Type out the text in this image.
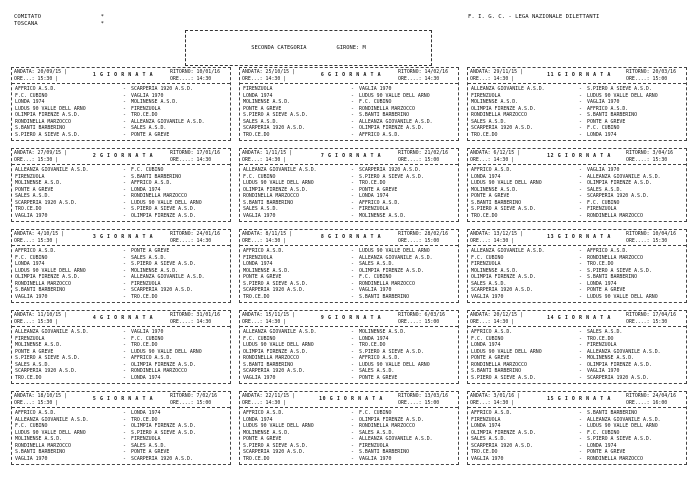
COMITATO	*
TOSCANA	*
F. I. G. C. - LEGA NAZIONALE DILETTANTI
SECONDA CATEGORIA	GIRONE: M
ANDATA: 20/09/15 |
ORE...: 15:30 |
1 G I O R N A T A
RITORNO: 10/01/16
ORE....: 14:30
AFFRICO A.S.D.	-	SCARPERIA 1920 A.S.D.
F.C. CUBINO	-	VAGLIA 1970
LONDA 1974	-	MOLINENSE A.S.D.
LUDUS 90 VALLE DELL ARNO	-	FIRENZUOLA
OLIMPIA FIRENZE A.S.D.	-	TRO.CE.DO
RONDINELLA MARZOCCO	-	ALLEANZA GIOVANILE A.S.D.
S.BANTI BARBERINO	-	SALES A.S.D.
S.PIERO A SIEVE A.S.D.	-	PONTE A GREVE
ANDATA: 25/10/15 |
ORE...: 14:30 |
6 G I O R N A T A
RITORNO: 14/02/16
ORE....: 14:30
FIRENZUOLA	-	VAGLIA 1970
LONDA 1974	-	LUDUS 90 VALLE DELL ARNO
MOLINENSE A.S.D.	-	F.C. CUBINO
PONTE A GREVE	-	RONDINELLA MARZOCCO
S.PIERO A SIEVE A.S.D.	-	S.BANTI BARBERINO
SALES A.S.D.	-	ALLEANZA GIOVANILE A.S.D.
SCARPERIA 1920 A.S.D.	-	OLIMPIA FIRENZE A.S.D.
TRO.CE.DO	-	AFFRICO A.S.D.
ANDATA: 29/11/15 |
ORE...: 14:30 |
11 G I O R N A T A
RITORNO: 20/03/16
ORE....: 15:00
ALLEANZA GIOVANILE A.S.D.	-	S.PIERO A SIEVE A.S.D.
FIRENZUOLA	-	LUDUS 90 VALLE DELL ARNO
MOLINENSE A.S.D.	-	VAGLIA 1970
OLIMPIA FIRENZE A.S.D.	-	AFFRICO A.S.D.
RONDINELLA MARZOCCO	-	S.BANTI BARBERINO
SALES A.S.D.	-	PONTE A GREVE
SCARPERIA 1920 A.S.D.	-	F.C. CUBINO
TRO.CE.DO	-	LONDA 1974
ANDATA: 27/09/15 |
ORE...: 15:30 |
2 G I O R N A T A
RITORNO: 17/01/16
ORE....: 14:30
ALLEANZA GIOVANILE A.S.D.	-	F.C. CUBINO
FIRENZUOLA	-	S.BANTI BARBERINO
MOLINENSE A.S.D.	-	AFFRICO A.S.D.
PONTE A GREVE	-	LONDA 1974
SALES A.S.D.	-	RONDINELLA MARZOCCO
SCARPERIA 1920 A.S.D.	-	LUDUS 90 VALLE DELL ARNO
TRO.CE.DO	-	S.PIERO A SIEVE A.S.D.
VAGLIA 1970	-	OLIMPIA FIRENZE A.S.D.
ANDATA: 1/11/15 |
ORE...: 14:30 |
7 G I O R N A T A
RITORNO: 21/02/16
ORE....: 15:00
ALLEANZA GIOVANILE A.S.D.	-	SCARPERIA 1920 A.S.D.
F.C. CUBINO	-	S.PIERO A SIEVE A.S.D.
LUDUS 90 VALLE DELL ARNO	-	TRO.CE.DO
OLIMPIA FIRENZE A.S.D.	-	PONTE A GREVE
RONDINELLA MARZOCCO	-	LONDA 1974
S.BANTI BARBERINO	-	AFFRICO A.S.D.
SALES A.S.D.	-	FIRENZUOLA
VAGLIA 1970	-	MOLINENSE A.S.D.
ANDATA: 6/12/15 |
ORE...: 14:30 |
12 G I O R N A T A
RITORNO: 3/04/16
ORE....: 15:30
AFFRICO A.S.D.	-	VAGLIA 1970
LONDA 1974	-	ALLEANZA GIOVANILE A.S.D.
LUDUS 90 VALLE DELL ARNO	-	OLIMPIA FIRENZE A.S.D.
MOLINENSE A.S.D.	-	SALES A.S.D.
PONTE A GREVE	-	SCARPERIA 1920 A.S.D.
S.BANTI BARBERINO	-	F.C. CUBINO
S.PIERO A SIEVE A.S.D.	-	FIRENZUOLA
TRO.CE.DO	-	RONDINELLA MARZOCCO
ANDATA: 4/10/15 |
ORE...: 15:30 |
3 G I O R N A T A
RITORNO: 24/01/16
ORE....: 14:30
AFFRICO A.S.D.	-	PONTE A GREVE
F.C. CUBINO	-	SALES A.S.D.
LONDA 1974	-	S.PIERO A SIEVE A.S.D.
LUDUS 90 VALLE DELL ARNO	-	MOLINENSE A.S.D.
OLIMPIA FIRENZE A.S.D.	-	ALLEANZA GIOVANILE A.S.D.
RONDINELLA MARZOCCO	-	FIRENZUOLA
S.BANTI BARBERINO	-	SCARPERIA 1920 A.S.D.
VAGLIA 1970	-	TRO.CE.DO
ANDATA: 8/11/15 |
ORE...: 14:30 |
8 G I O R N A T A
RITORNO: 28/02/16
ORE....: 15:00
AFFRICO A.S.D.	-	LUDUS 90 VALLE DELL ARNO
FIRENZUOLA	-	ALLEANZA GIOVANILE A.S.D.
LONDA 1974	-	SALES A.S.D.
MOLINENSE A.S.D.	-	OLIMPIA FIRENZE A.S.D.
PONTE A GREVE	-	F.C. CUBINO
S.PIERO A SIEVE A.S.D.	-	RONDINELLA MARZOCCO
SCARPERIA 1920 A.S.D.	-	VAGLIA 1970
TRO.CE.DO	-	S.BANTI BARBERINO
ANDATA: 13/12/15 |
ORE...: 14:30 |
13 G I O R N A T A
RITORNO: 10/04/16
ORE....: 15:30
ALLEANZA GIOVANILE A.S.D.	-	AFFRICO A.S.D.
F.C. CUBINO	-	RONDINELLA MARZOCCO
FIRENZUOLA	-	TRO.CE.DO
MOLINENSE A.S.D.	-	S.PIERO A SIEVE A.S.D.
OLIMPIA FIRENZE A.S.D.	-	S.BANTI BARBERINO
SALES A.S.D.	-	LONDA 1974
SCARPERIA 1920 A.S.D.	-	PONTE A GREVE
VAGLIA 1970	-	LUDUS 90 VALLE DELL ARNO
ANDATA: 11/10/15 |
ORE...: 15:30 |
4 G I O R N A T A
RITORNO: 31/01/16
ORE....: 14:30
ALLEANZA GIOVANILE A.S.D.	-	VAGLIA 1970
FIRENZUOLA	-	F.C. CUBINO
MOLINENSE A.S.D.	-	TRO.CE.DO
PONTE A GREVE	-	LUDUS 90 VALLE DELL ARNO
S.PIERO A SIEVE A.S.D.	-	AFFRICO A.S.D.
SALES A.S.D.	-	OLIMPIA FIRENZE A.S.D.
SCARPERIA 1920 A.S.D.	-	RONDINELLA MARZOCCO
TRO.CE.DO	-	LONDA 1974
ANDATA: 15/11/15 |
ORE...: 14:30 |
9 G I O R N A T A
RITORNO: 6/03/16
ORE....: 15:00
ALLEANZA GIOVANILE A.S.D.	-	MOLINENSE A.S.D.
F.C. CUBINO	-	LONDA 1974
LUDUS 90 VALLE DELL ARNO	-	TRO.CE.DO
OLIMPIA FIRENZE A.S.D.	-	S.PIERO A SIEVE A.S.D.
RONDINELLA MARZOCCO	-	AFFRICO A.S.D.
S.BANTI BARBERINO	-	LUDUS 90 VALLE DELL ARNO
SCARPERIA 1920 A.S.D.	-	SALES A.S.D.
VAGLIA 1970	-	PONTE A GREVE
ANDATA: 20/12/15 |
ORE...: 14:30 |
14 G I O R N A T A
RITORNO: 17/04/16
ORE....: 15:30
AFFRICO A.S.D.	-	SALES A.S.D.
F.C. CUBINO	-	TRO.CE.DO
LONDA 1974	-	FIRENZUOLA
LUDUS 90 VALLE DELL ARNO	-	ALLEANZA GIOVANILE A.S.D.
PONTE A GREVE	-	MOLINENSE A.S.D.
RONDINELLA MARZOCCO	-	OLIMPIA FIRENZE A.S.D.
S.BANTI BARBERINO	-	VAGLIA 1970
S.PIERO A SIEVE A.S.D.	-	SCARPERIA 1920 A.S.D.
ANDATA: 18/10/15 |
ORE...: 15:30 |
5 G I O R N A T A
RITORNO: 7/02/16
ORE....: 15:00
AFFRICO A.S.D.	-	LONDA 1974
ALLEANZA GIOVANILE A.S.D.	-	TRO.CE.DO
F.C. CUBINO	-	OLIMPIA FIRENZE A.S.D.
LUDUS 90 VALLE DELL ARNO	-	S.PIERO A SIEVE A.S.D.
MOLINENSE A.S.D.	-	FIRENZUOLA
RONDINELLA MARZOCCO	-	SALES A.S.D.
S.BANTI BARBERINO	-	PONTE A GREVE
VAGLIA 1970	-	SCARPERIA 1920 A.S.D.
ANDATA: 22/11/15 |
ORE...: 14:30 |
10 G I O R N A T A
RITORNO: 13/03/16
ORE....: 15:00
AFFRICO A.S.D.	-	F.C. CUBINO
LONDA 1974	-	OLIMPIA FIRENZE A.S.D.
LUDUS 90 VALLE DELL ARNO	-	RONDINELLA MARZOCCO
MOLINENSE A.S.D.	-	SALES A.S.D.
PONTE A GREVE	-	ALLEANZA GIOVANILE A.S.D.
S.PIERO A SIEVE A.S.D.	-	FIRENZUOLA
SCARPERIA 1920 A.S.D.	-	S.BANTI BARBERINO
TRO.CE.DO	-	VAGLIA 1970
ANDATA: 3/01/16 |
ORE...: 14:30 |
15 G I O R N A T A
RITORNO: 24/04/16
ORE....: 16:00
AFFRICO A.S.D.	-	S.BANTI BARBERINO
FIRENZUOLA	-	ALLEANZA GIOVANILE A.S.D.
LONDA 1974	-	LUDUS 90 VALLE DELL ARNO
OLIMPIA FIRENZE A.S.D.	-	F.C. CUBINO
SALES A.S.D.	-	S.PIERO A SIEVE A.S.D.
SCARPERIA 1920 A.S.D.	-	LONDA 1974
TRO.CE.DO	-	PONTE A GREVE
VAGLIA 1970	-	RONDINELLA MARZOCCO
